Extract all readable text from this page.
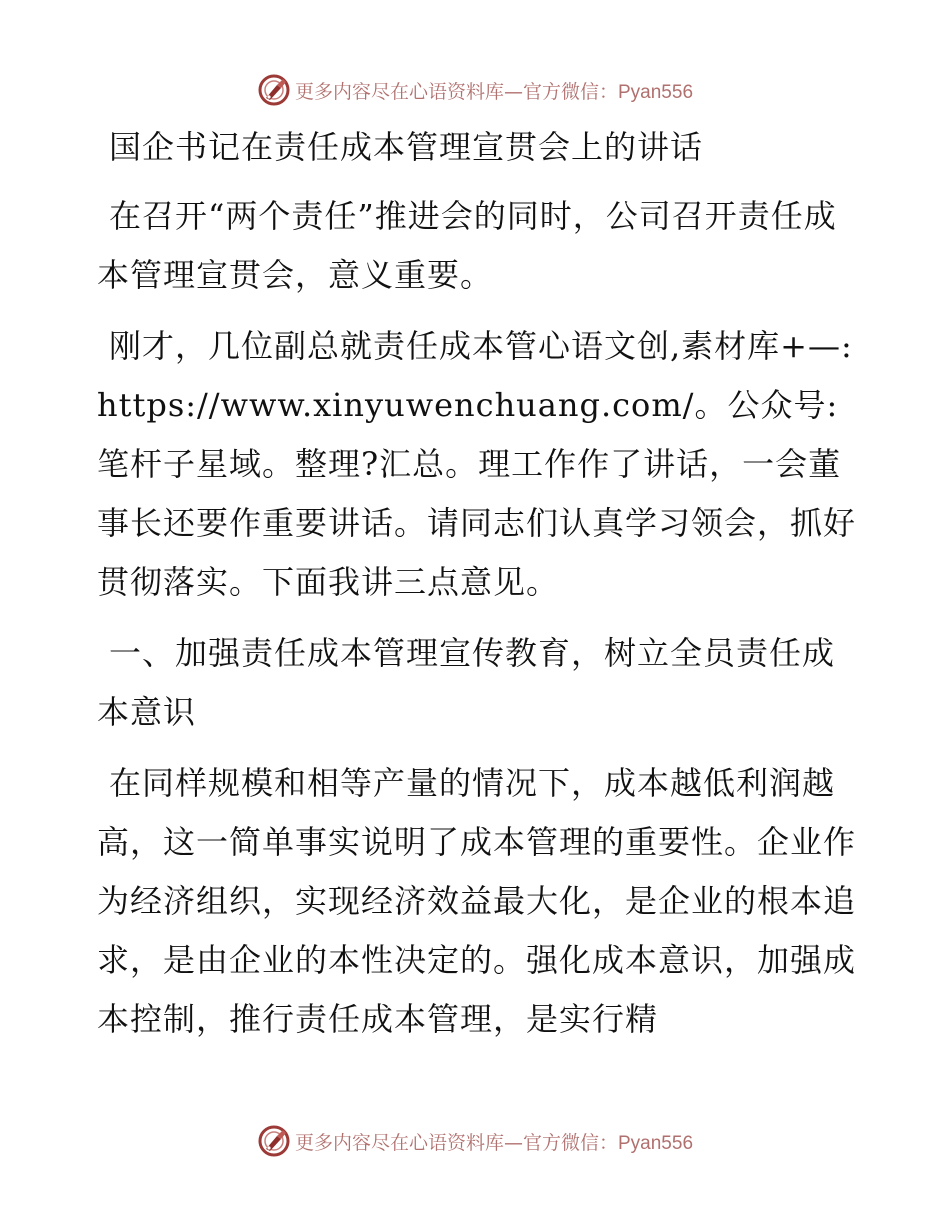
更多内容尽在心语资料库—官方微信：Pyan556

国企书记在责任成本管理宣贯会上的讲话

在召开“两个责任”推进会的同时，公司召开责任成本管理宣贯会，意义重要。

刚才，几位副总就责任成本管心语文创,素材库+—: https://www.xinyuwenchuang.com/。公众号: 笔杆子星域。整理?汇总。理工作作了讲话，一会董事长还要作重要讲话。请同志们认真学习领会，抓好贯彻落实。下面我讲三点意见。

一、加强责任成本管理宣传教育，树立全员责任成本意识

在同样规模和相等产量的情况下，成本越低利润越高，这一简单事实说明了成本管理的重要性。企业作为经济组织，实现经济效益最大化，是企业的根本追求，是由企业的本性决定的。强化成本意识，加强成本控制，推行责任成本管理，是实行精

更多内容尽在心语资料库—官方微信：Pyan556
